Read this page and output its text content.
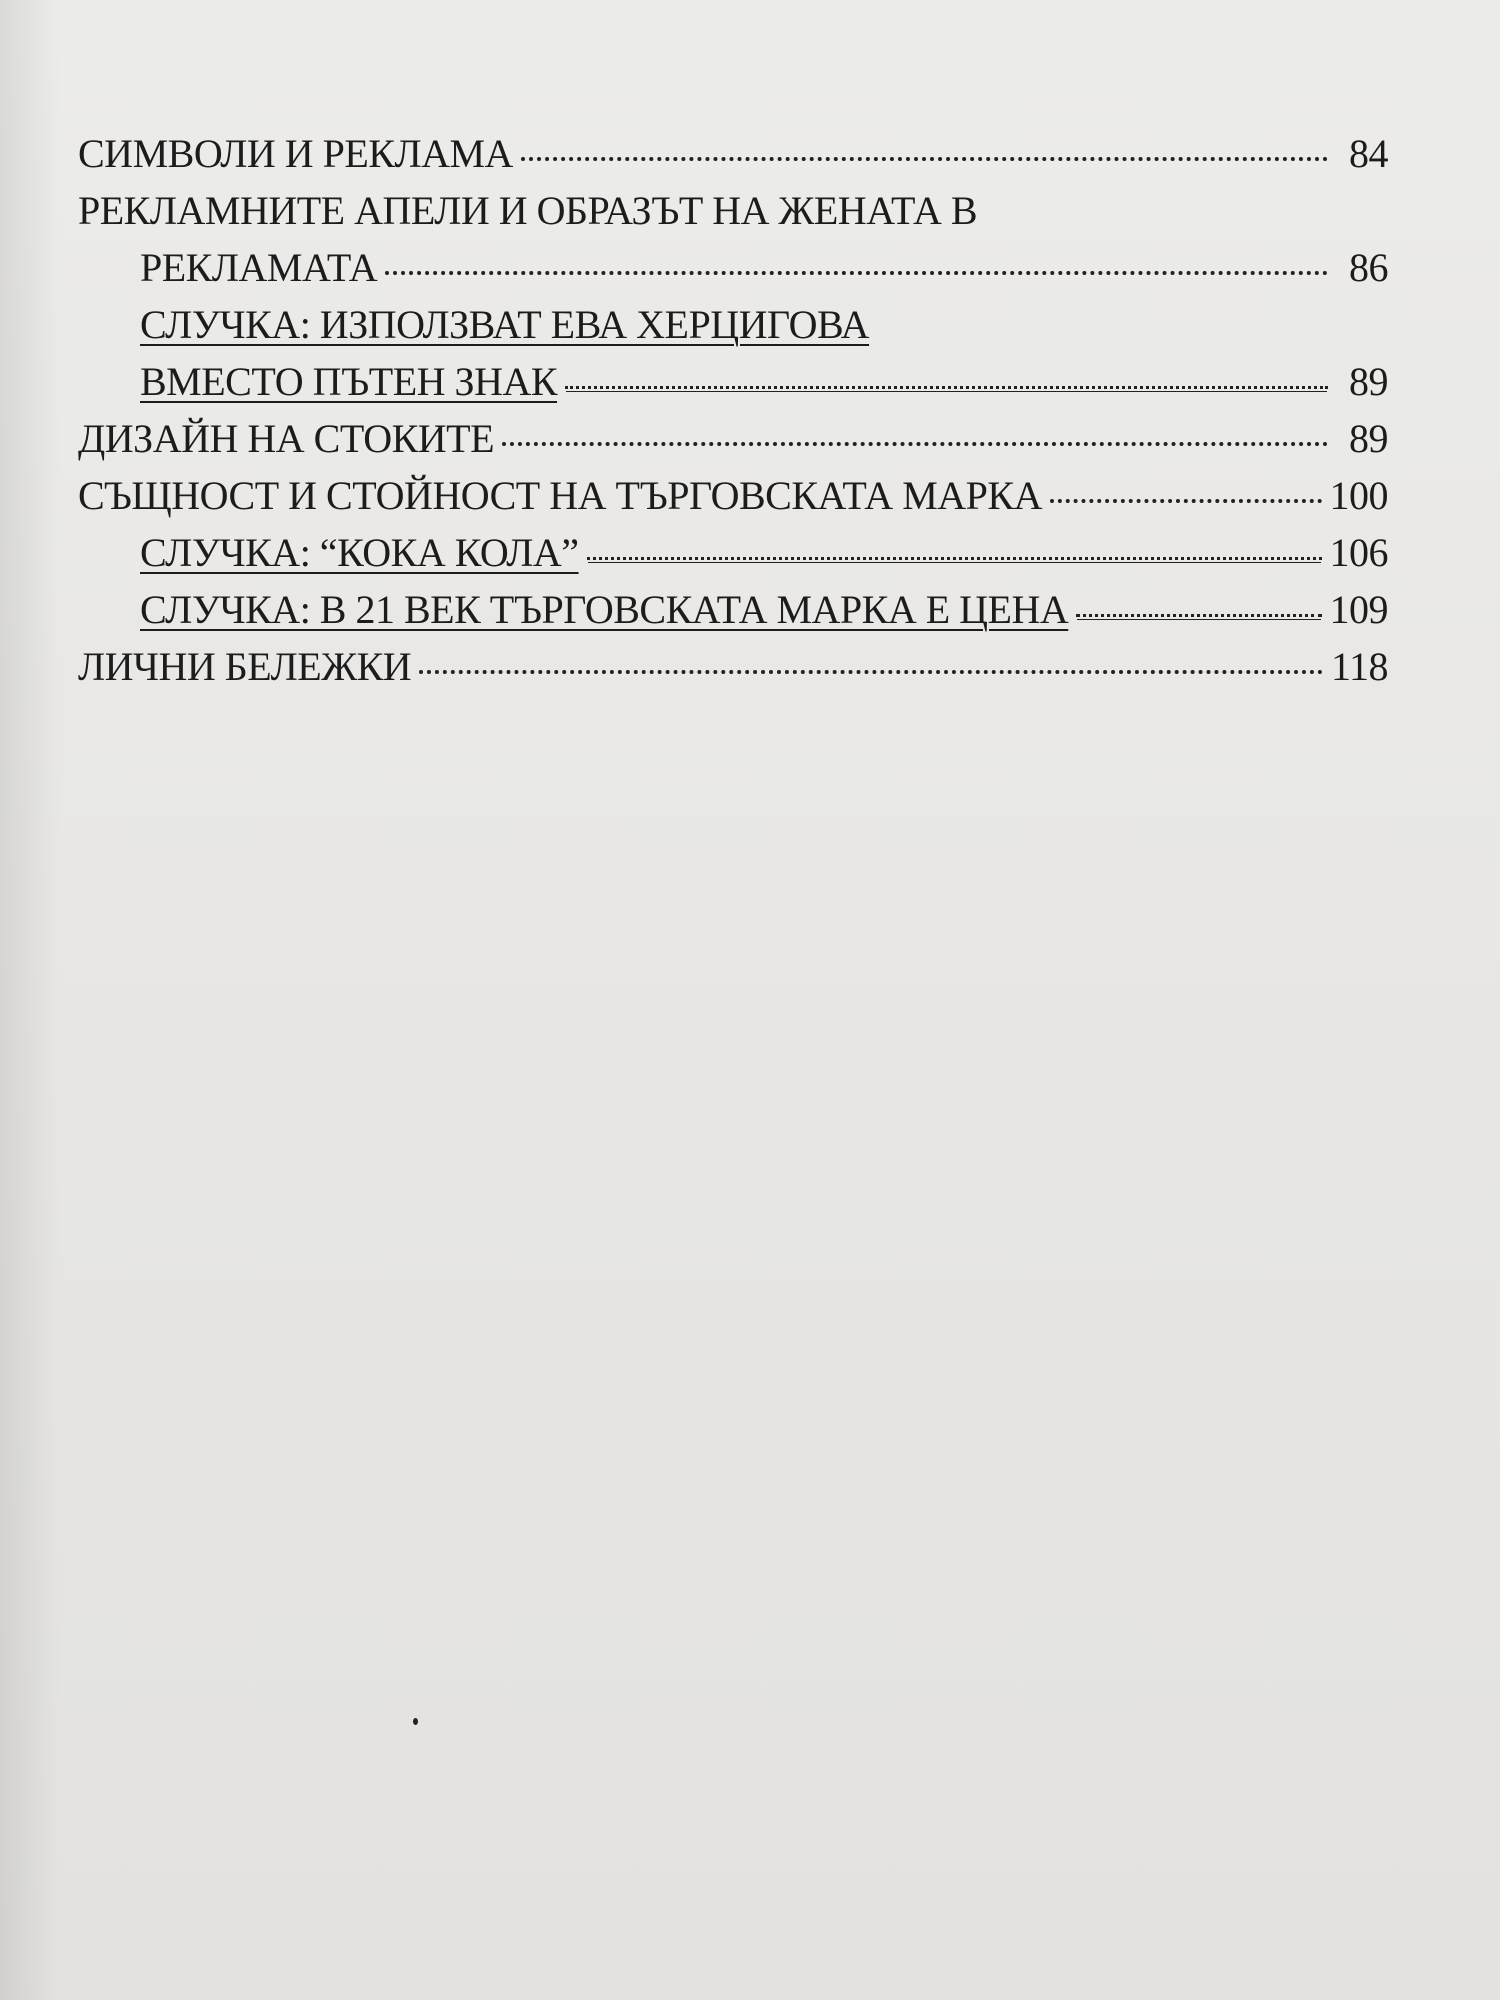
СИМВОЛИ И РЕКЛАМА	84
РЕКЛАМНИТЕ АПЕЛИ И ОБРАЗЪТ НА ЖЕНАТА В
РЕКЛАМАТА	86
СЛУЧКА: ИЗПОЛЗВАТ ЕВА ХЕРЦИГОВА
ВМЕСТО ПЪТЕН ЗНАК	89
ДИЗАЙН НА СТОКИТЕ	89
СЪЩНОСТ И СТОЙНОСТ НА ТЪРГОВСКАТА МАРКА	100
СЛУЧКА: “КОКА КОЛА”	106
СЛУЧКА: В 21 ВЕК ТЪРГОВСКАТА МАРКА Е ЦЕНА	109
ЛИЧНИ БЕЛЕЖКИ	118
